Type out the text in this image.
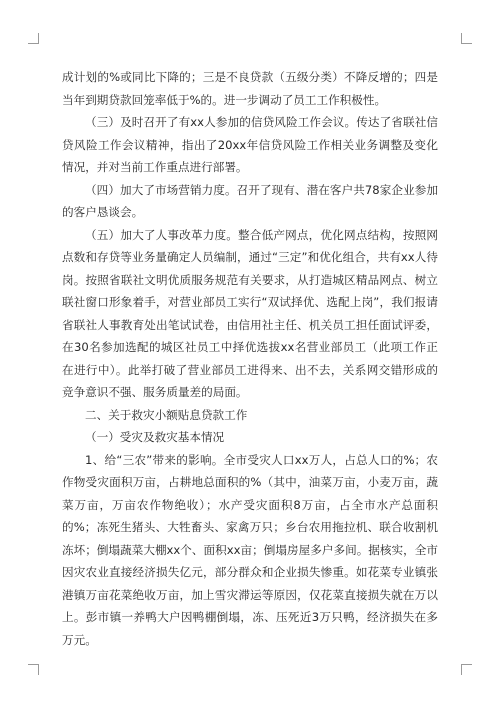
成计划的%或同比下降的；三是不良贷款（五级分类）不降反增的；四是当年到期贷款回笼率低于%的。进一步调动了员工工作积极性。

（三）及时召开了有xx人参加的信贷风险工作会议。传达了省联社信贷风险工作会议精神，指出了20xx年信贷风险工作相关业务调整及变化情况，并对当前工作重点进行部署。

（四）加大了市场营销力度。召开了现有、潜在客户共78家企业参加的客户恳谈会。

（五）加大了人事改革力度。整合低产网点，优化网点结构，按照网点数和存贷等业务量确定人员编制，通过“三定”和优化组合，共有xx人待岗。按照省联社文明优质服务规范有关要求，从打造城区精品网点、树立联社窗口形象着手，对营业部员工实行“双试择优、选配上岗”，我们报请省联社人事教育处出笔试试卷，由信用社主任、机关员工担任面试评委，在30名参加选配的城区社员工中择优选拔xx名营业部员工（此项工作正在进行中）。此举打破了营业部员工进得来、出不去，关系网交错形成的竞争意识不强、服务质量差的局面。

二、关于救灾小额贴息贷款工作

（一）受灾及救灾基本情况

1、给“三农”带来的影响。全市受灾人口xx万人，占总人口的%；农作物受灾面积万亩，占耕地总面积的%（其中，油菜万亩，小麦万亩，蔬菜万亩，万亩农作物绝收）；水产受灾面积8万亩，占全市水产总面积的%；冻死生猪头、大牲畜头、家禽万只；乡台农用拖拉机、联合收割机冻坏；倒塌蔬菜大棚xx个、面积xx亩；倒塌房屋多户多间。据核实，全市因灾农业直接经济损失亿元，部分群众和企业损失惨重。如花菜专业镇张港镇万亩花菜绝收万亩，加上雪灾滞运等原因，仅花菜直接损失就在万以上。彭市镇一养鸭大户因鸭棚倒塌，冻、压死近3万只鸭，经济损失在多万元。
